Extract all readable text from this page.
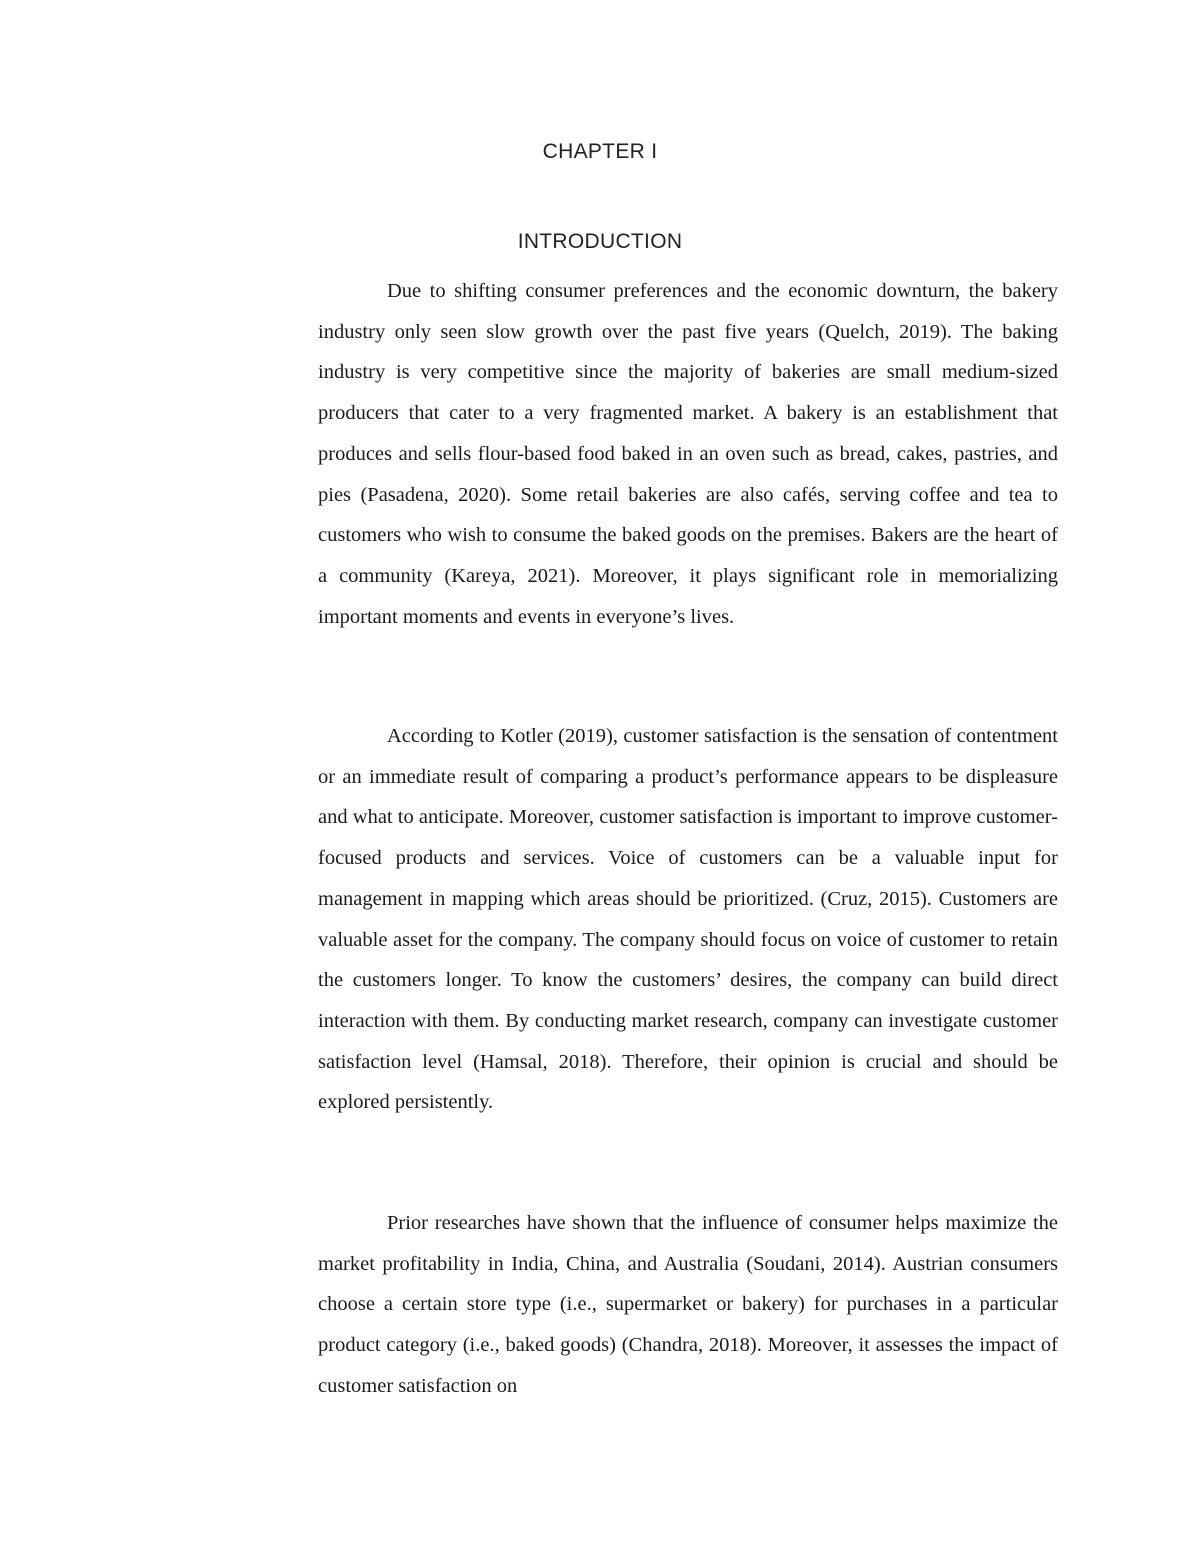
CHAPTER I
INTRODUCTION

Due to shifting consumer preferences and the economic downturn, the bakery industry only seen slow growth over the past five years (Quelch, 2019). The baking industry is very competitive since the majority of bakeries are small medium-sized producers that cater to a very fragmented market. A bakery is an establishment that produces and sells flour-based food baked in an oven such as bread, cakes, pastries, and pies (Pasadena, 2020). Some retail bakeries are also cafés, serving coffee and tea to customers who wish to consume the baked goods on the premises. Bakers are the heart of a community (Kareya, 2021). Moreover, it plays significant role in memorializing important moments and events in everyone’s lives.

According to Kotler (2019), customer satisfaction is the sensation of contentment or an immediate result of comparing a product’s performance appears to be displeasure and what to anticipate. Moreover, customer satisfaction is important to improve customer-focused products and services. Voice of customers can be a valuable input for management in mapping which areas should be prioritized. (Cruz, 2015). Customers are valuable asset for the company. The company should focus on voice of customer to retain the customers longer. To know the customers’ desires, the company can build direct interaction with them. By conducting market research, company can investigate customer satisfaction level (Hamsal, 2018). Therefore, their opinion is crucial and should be explored persistently.

Prior researches have shown that the influence of consumer helps maximize the market profitability in India, China, and Australia (Soudani, 2014). Austrian consumers choose a certain store type (i.e., supermarket or bakery) for purchases in a particular product category (i.e., baked goods) (Chandra, 2018). Moreover, it assesses the impact of customer satisfaction on
